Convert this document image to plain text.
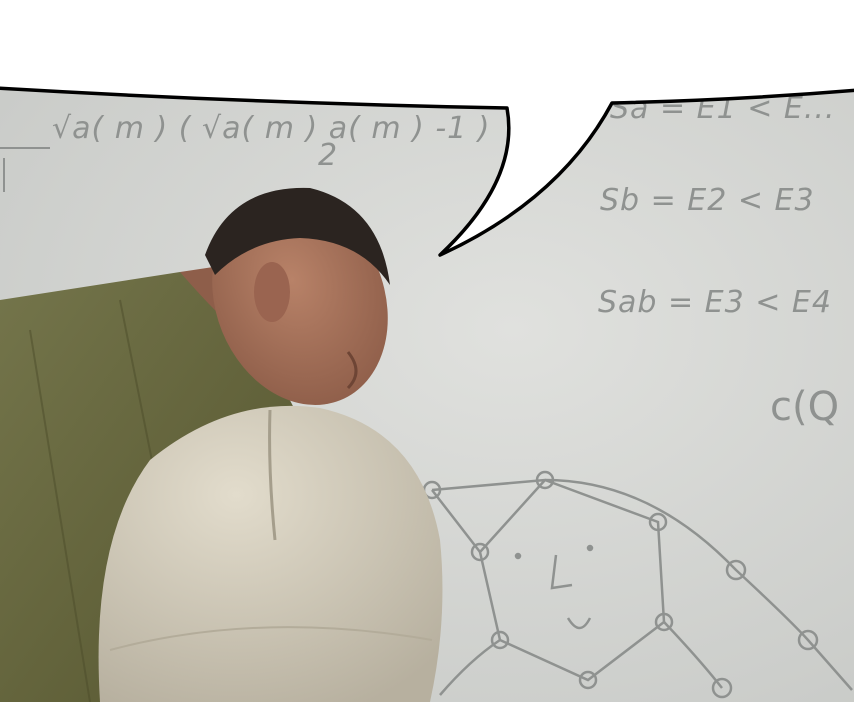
√a( m ) ( √a( m ) a( m ) -1 )
2
Sa = E1 < E...
Sb = E2 < E3
Sab = E3 < E4
c(Q
